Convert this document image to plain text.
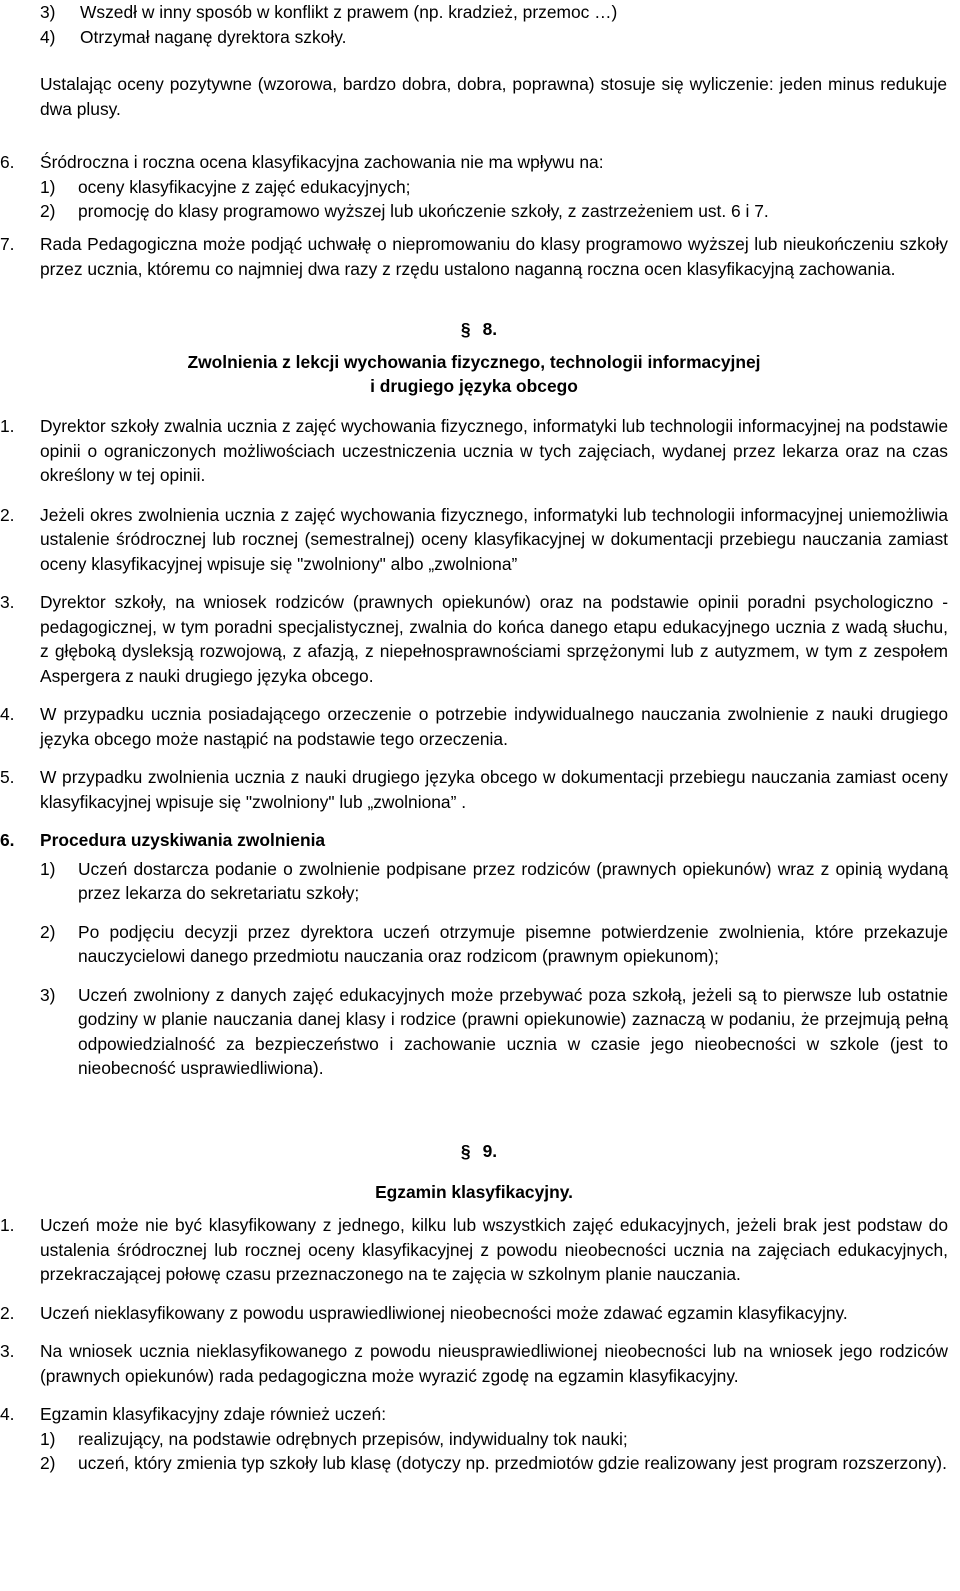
3)	Wszedł w inny sposób w konflikt z prawem (np. kradzież, przemoc …)
4)	Otrzymał naganę dyrektora szkoły.
Ustalając oceny pozytywne (wzorowa, bardzo dobra, dobra, poprawna) stosuje się wyliczenie: jeden minus redukuje dwa plusy.
6.	Śródroczna i roczna ocena klasyfikacyjna zachowania nie ma wpływu na:
1)	oceny klasyfikacyjne z zajęć edukacyjnych;
2)	promocję do klasy programowo wyższej lub ukończenie szkoły, z zastrzeżeniem ust. 6 i 7.
7.	Rada Pedagogiczna może podjąć uchwałę o niepromowaniu do klasy programowo wyższej lub nieukończeniu szkoły przez ucznia, któremu co najmniej dwa razy z rzędu ustalono naganną roczna ocen klasyfikacyjną zachowania.
§ 8.
Zwolnienia z lekcji wychowania fizycznego, technologii informacyjnej
i drugiego języka obcego
1.	Dyrektor szkoły zwalnia ucznia z zajęć wychowania fizycznego, informatyki lub technologii informacyjnej na podstawie opinii o ograniczonych możliwościach uczestniczenia ucznia w tych zajęciach, wydanej przez lekarza oraz na czas określony w tej opinii.
2.	Jeżeli okres zwolnienia ucznia z zajęć wychowania fizycznego, informatyki lub technologii informacyjnej uniemożliwia ustalenie śródrocznej lub rocznej (semestralnej) oceny klasyfikacyjnej w dokumentacji przebiegu nauczania zamiast oceny klasyfikacyjnej wpisuje się "zwolniony" albo „zwolniona”
3.	Dyrektor szkoły, na wniosek rodziców (prawnych opiekunów) oraz na podstawie opinii poradni psychologiczno - pedagogicznej, w tym poradni specjalistycznej, zwalnia do końca danego etapu edukacyjnego ucznia z wadą słuchu, z głęboką dysleksją rozwojową, z afazją, z niepełnosprawnościami sprzężonymi lub z autyzmem, w tym z zespołem Aspergera z nauki drugiego języka obcego.
4.	W przypadku ucznia posiadającego orzeczenie o potrzebie indywidualnego nauczania zwolnienie z nauki drugiego języka obcego może nastąpić na podstawie tego orzeczenia.
5.	W przypadku zwolnienia ucznia z nauki drugiego języka obcego w dokumentacji przebiegu nauczania zamiast oceny klasyfikacyjnej wpisuje się "zwolniony" lub „zwolniona” .
6.	Procedura uzyskiwania zwolnienia
1)	Uczeń dostarcza podanie o zwolnienie podpisane przez rodziców (prawnych opiekunów) wraz z opinią wydaną przez lekarza do sekretariatu szkoły;
2)	Po podjęciu decyzji przez dyrektora uczeń otrzymuje pisemne potwierdzenie zwolnienia, które przekazuje nauczycielowi danego przedmiotu nauczania oraz rodzicom (prawnym opiekunom);
3)	Uczeń zwolniony z danych zajęć edukacyjnych może przebywać poza szkołą, jeżeli są to pierwsze lub ostatnie godziny w planie nauczania danej klasy i rodzice (prawni opiekunowie) zaznaczą w podaniu, że przejmują pełną odpowiedzialność za bezpieczeństwo i zachowanie ucznia w czasie jego nieobecności w szkole (jest to nieobecność usprawiedliwiona).
§ 9.
Egzamin klasyfikacyjny.
1.	Uczeń może nie być klasyfikowany z jednego, kilku lub wszystkich zajęć edukacyjnych, jeżeli brak jest podstaw do ustalenia śródrocznej lub rocznej oceny klasyfikacyjnej z powodu nieobecności ucznia na zajęciach edukacyjnych, przekraczającej połowę czasu przeznaczonego na te zajęcia w szkolnym planie nauczania.
2.	Uczeń nieklasyfikowany z powodu usprawiedliwionej nieobecności może zdawać egzamin klasyfikacyjny.
3.	Na wniosek ucznia nieklasyfikowanego z powodu nieusprawiedliwionej nieobecności lub na wniosek jego rodziców (prawnych opiekunów) rada pedagogiczna może wyrazić zgodę na egzamin klasyfikacyjny.
4.	Egzamin klasyfikacyjny zdaje również uczeń:
1)	realizujący, na podstawie odrębnych przepisów, indywidualny tok nauki;
2)	uczeń, który zmienia typ szkoły lub klasę (dotyczy np. przedmiotów gdzie realizowany jest program rozszerzony).
